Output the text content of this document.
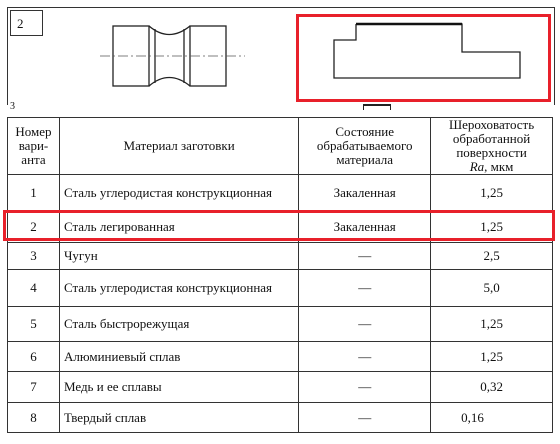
2
3
Номер вари-анта	Материал заготовки	Состояние обрабатываемого материала	Шероховатость обработанной поверхности
Ra, мкм
1	Сталь углеродистая конструкционная	Закаленная	1,25
2	Сталь легированная	Закаленная	1,25
3	Чугун	—	2,5
4	Сталь углеродистая конструкционная	—	5,0
5	Сталь быстрорежущая	—	1,25
6	Алюминиевый сплав	—	1,25
7	Медь и ее сплавы	—	0,32
8	Твердый сплав	—	0,16
